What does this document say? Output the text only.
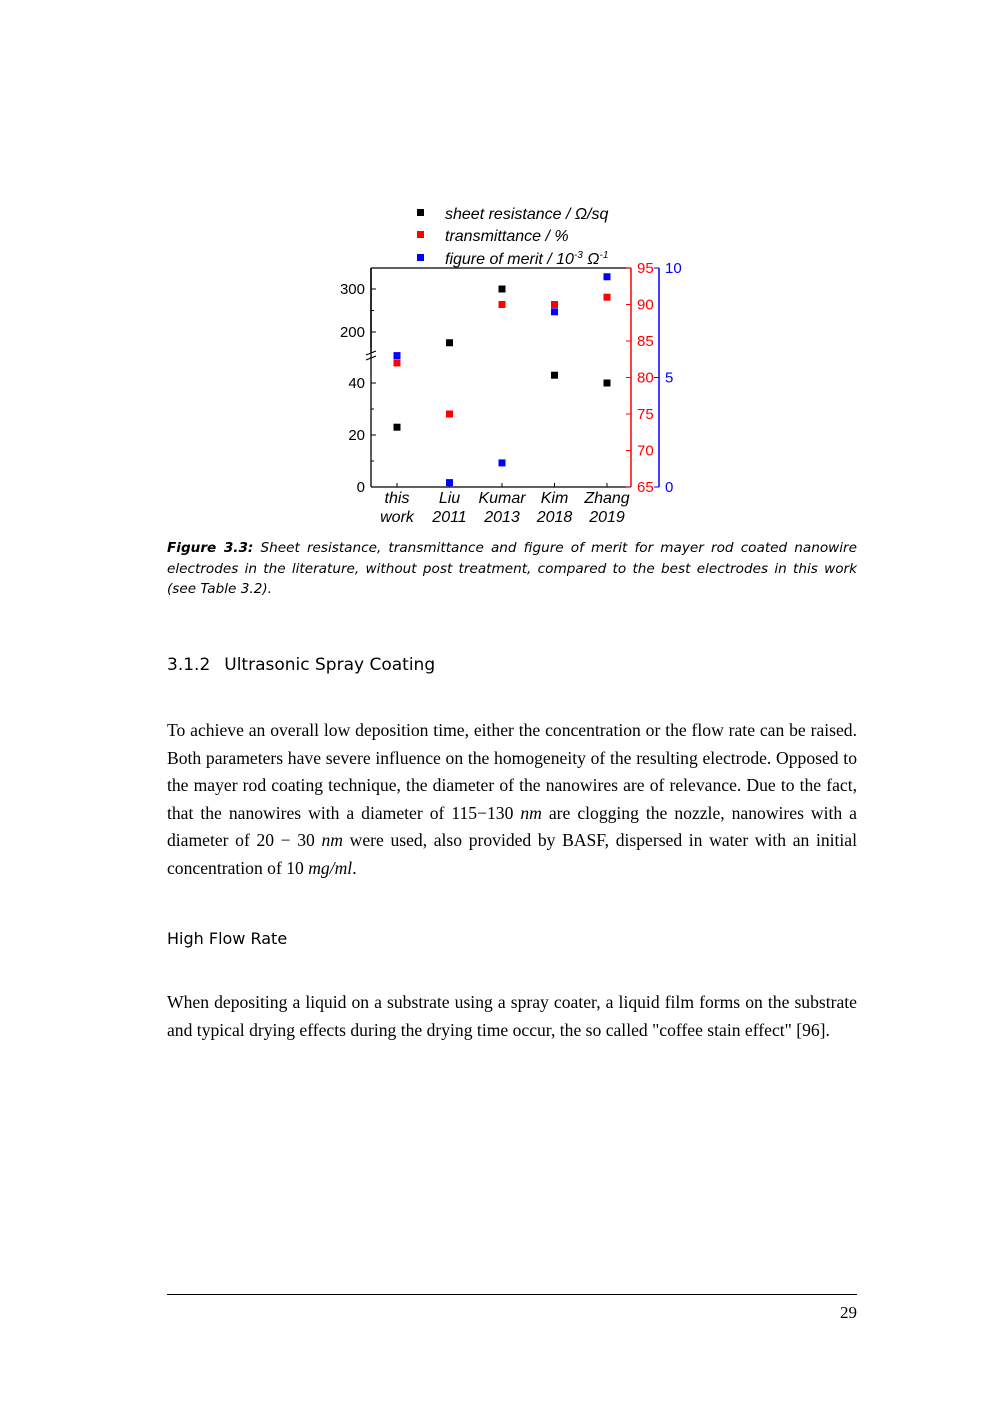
sheet resistance / Ω/sq
transmittance / %
figure of merit / $10^{-3}$ $\Omega^{-1}$
0
20
40
200
300
65
70
75
80
85
90
95
0
5
10
this
work
Liu
2011
Kumar
2013
Kim
2018
Zhang
2019
Figure 3.3: Sheet resistance, transmittance and figure of merit for mayer rod coated nanowire electrodes in the literature, without post treatment, compared to the best electrodes in this work (see Table 3.2).
3.1.2 Ultrasonic Spray Coating
To achieve an overall low deposition time, either the concentration or the flow rate can be raised. Both parameters have severe influence on the homogeneity of the resulting electrode. Opposed to the mayer rod coating technique, the diameter of the nanowires are of relevance. Due to the fact, that the nanowires with a diameter of 115−130 nm are clogging the nozzle, nanowires with a diameter of 20 − 30 nm were used, also provided by BASF, dispersed in water with an initial concentration of 10 mg/ml.
High Flow Rate
When depositing a liquid on a substrate using a spray coater, a liquid film forms on the substrate and typical drying effects during the drying time occur, the so called "coffee stain effect" [96].
29
